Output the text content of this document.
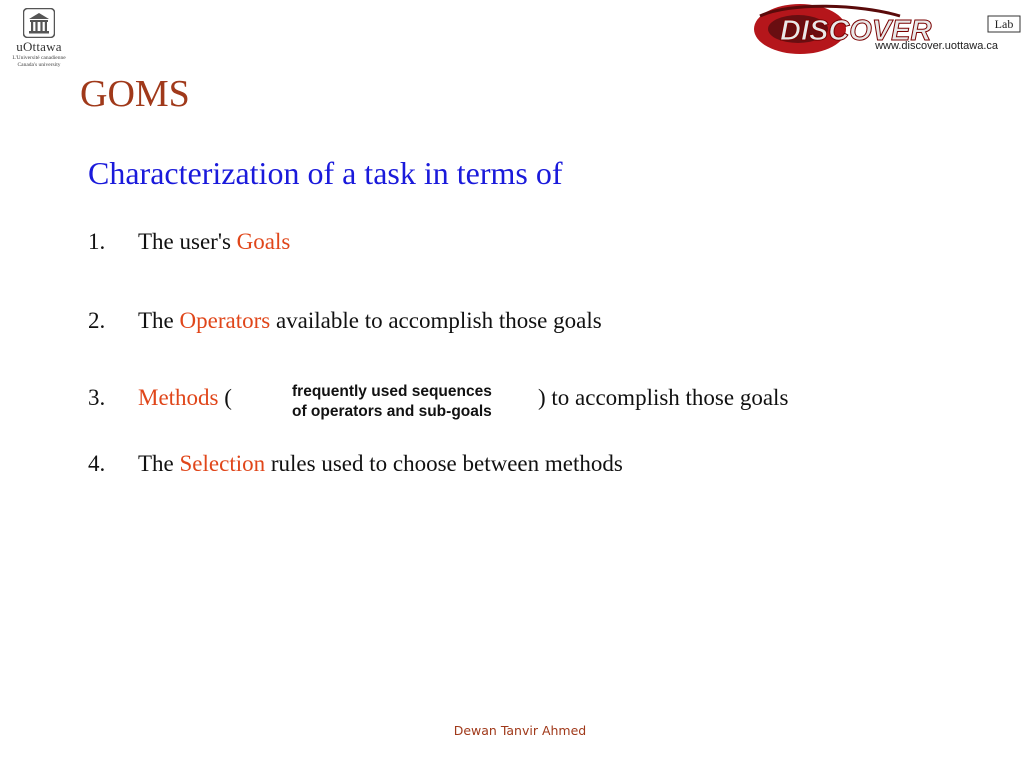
uOttawa
L'Université canadienne
Canada's university
DISCOVER	Lab
www.discover.uottawa.ca
GOMS
Characterization of a task in terms of
1. The user's Goals
2. The Operators available to accomplish those goals
3. Methods (	frequently used sequences
of operators and sub-goals
) to accomplish those goals
4. The Selection rules used to choose between methods
Dewan Tanvir Ahmed
